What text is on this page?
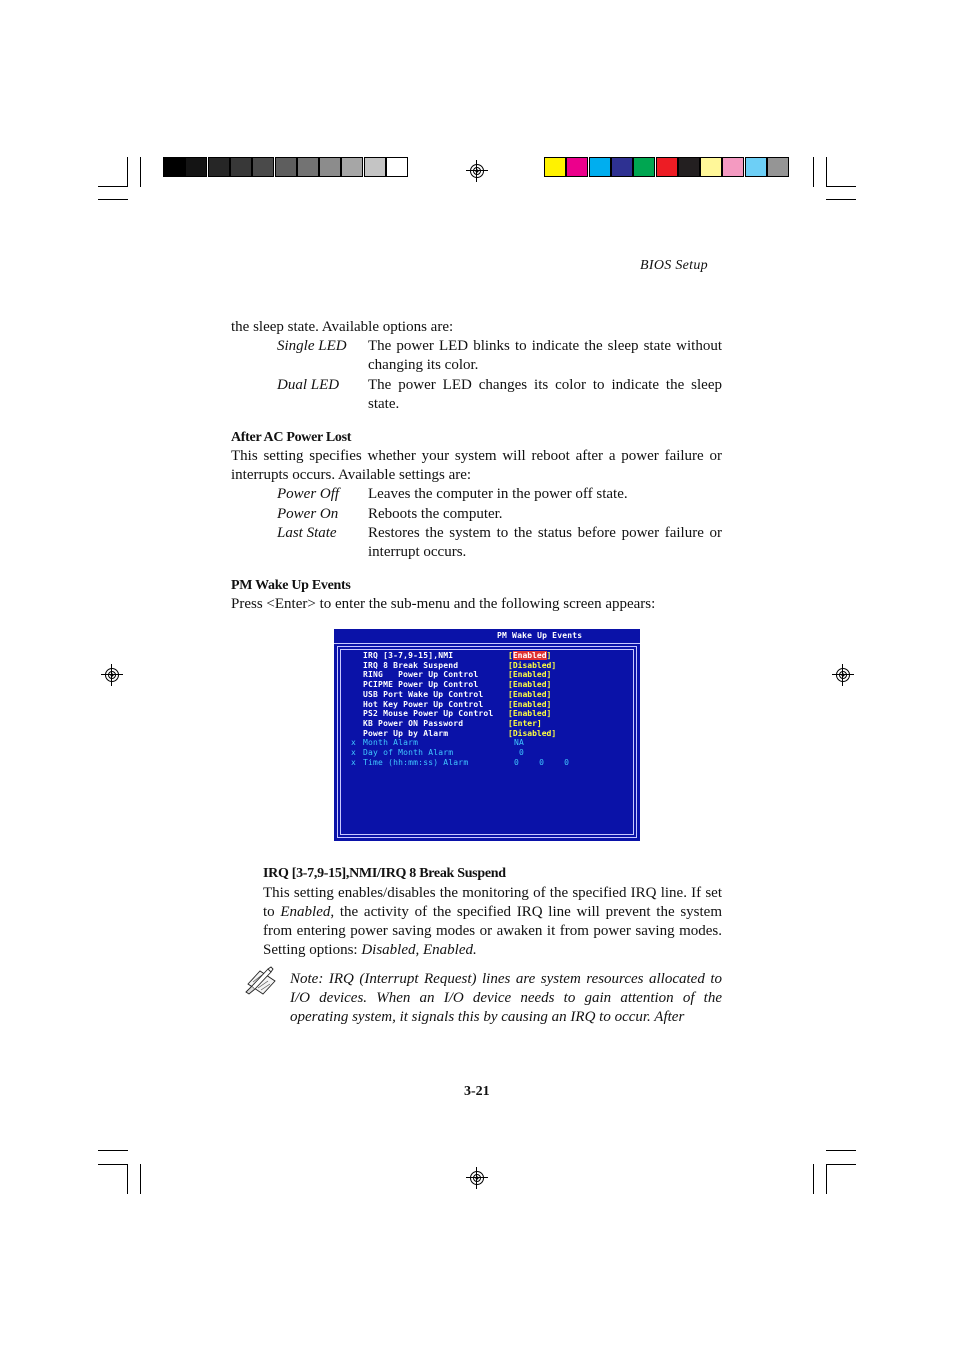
BIOS Setup
the sleep state. Available options are:
Single LED The power LED blinks to indicate the sleep state without changing its color.
Dual LED The power LED changes its color to indicate the sleep state.
After AC Power Lost
This setting specifies whether your system will reboot after a power failure or interrupts occurs. Available settings are:
Power Off Leaves the computer in the power off state.
Power On Reboots the computer.
Last State Restores the system to the status before power failure or interrupt occurs.
PM Wake Up Events
Press <Enter> to enter the sub-menu and the following screen appears:
PM Wake Up Events
IRQ [3-7,9-15],NMI	[Enabled]
IRQ 8 Break Suspend	[Disabled]
RING   Power Up Control	[Enabled]
PCIPME Power Up Control	[Enabled]
USB Port Wake Up Control	[Enabled]
Hot Key Power Up Control	[Enabled]
PS2 Mouse Power Up Control [Enabled]
KB Power ON Password	[Enter]
Power Up by Alarm	[Disabled]
x Month Alarm	NA
x Day of Month Alarm	0
x Time (hh:mm:ss) Alarm	0    0    0
IRQ [3-7,9-15],NMI/IRQ 8 Break Suspend
This setting enables/disables the monitoring of the specified IRQ line. If set to Enabled, the activity of the specified IRQ line will prevent the system from entering power saving modes or awaken it from power saving modes. Setting options: Disabled, Enabled.
Note: IRQ (Interrupt Request) lines are system resources allocated to I/O devices. When an I/O device needs to gain attention of the operating system, it signals this by causing an IRQ to occur. After
3-21
